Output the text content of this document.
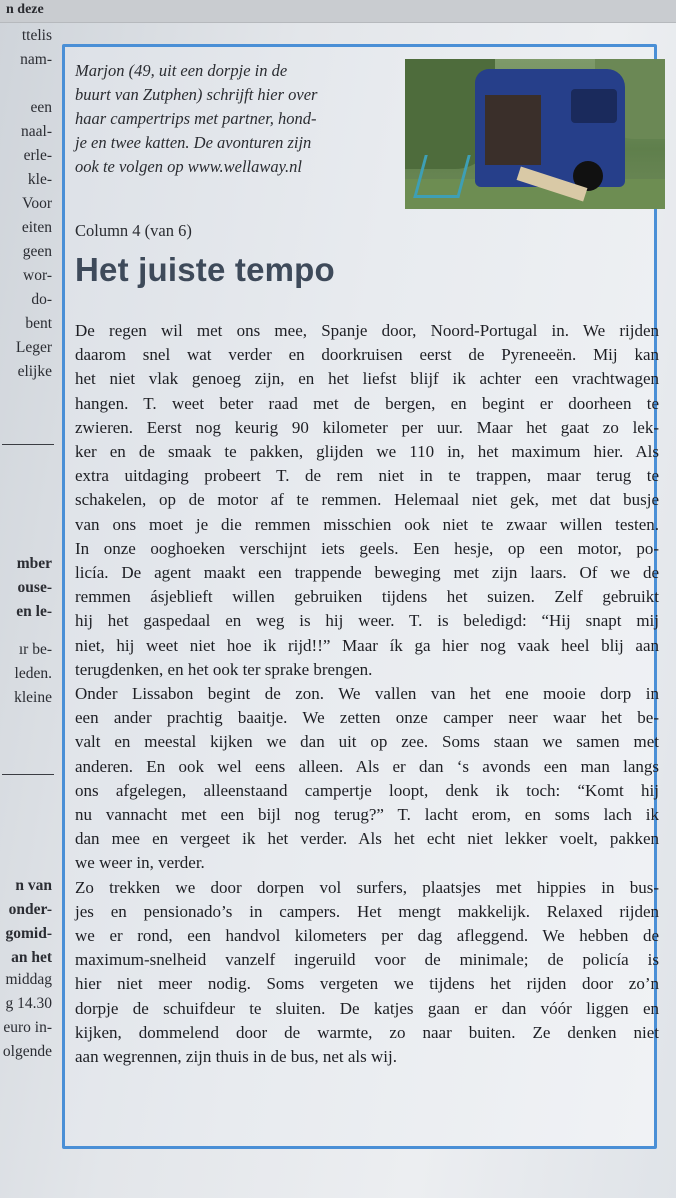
n deze
ttelis
nam-
een
naal-
erle-
kle-
Voor
eiten
geen
wor-
do-
bent
Leger
elijke
mber
ouse-
en le-
ır be-
leden.
kleine
n van
onder-
gomid-
an het
middag
g 14.30
euro in-
olgende
Marjon (49, uit een dorpje in de
buurt van Zutphen) schrijft hier over
haar campertrips met partner, hond-
je en twee katten. De avonturen zijn
ook te volgen op www.wellaway.nl
Column 4 (van 6)
Het juiste tempo
De regen wil met ons mee, Spanje door, Noord-Portugal in. We rijden
daarom snel wat verder en doorkruisen eerst de Pyreneeën. Mij kan
het niet vlak genoeg zijn, en het liefst blijf ik achter een vrachtwagen
hangen. T. weet beter raad met de bergen, en begint er doorheen te
zwieren. Eerst nog keurig 90 kilometer per uur. Maar het gaat zo lek-
ker en de smaak te pakken, glijden we 110 in, het maximum hier. Als
extra uitdaging probeert T. de rem niet in te trappen, maar terug te
schakelen, op de motor af te remmen. Helemaal niet gek, met dat busje
van ons moet je die remmen misschien ook niet te zwaar willen testen.
In onze ooghoeken verschijnt iets geels. Een hesje, op een motor, po-
licía. De agent maakt een trappende beweging met zijn laars. Of we de
remmen ásjeblieft willen gebruiken tijdens het suizen. Zelf gebruikt
hij het gaspedaal en weg is hij weer. T. is beledigd: “Hij snapt mij
niet, hij weet niet hoe ik rijd!!” Maar ík ga hier nog vaak heel blij aan
terugdenken, en het ook ter sprake brengen.
Onder Lissabon begint de zon. We vallen van het ene mooie dorp in
een ander prachtig baaitje. We zetten onze camper neer waar het be-
valt en meestal kijken we dan uit op zee. Soms staan we samen met
anderen. En ook wel eens alleen. Als er dan ‘s avonds een man langs
ons afgelegen, alleenstaand campertje loopt, denk ik toch: “Komt hij
nu vannacht met een bijl nog terug?” T. lacht erom, en soms lach ik
dan mee en vergeet ik het verder. Als het echt niet lekker voelt, pakken
we weer in, verder.
Zo trekken we door dorpen vol surfers, plaatsjes met hippies in bus-
jes en pensionado’s in campers. Het mengt makkelijk. Relaxed rijden
we er rond, een handvol kilometers per dag afleggend. We hebben de
maximum-snelheid vanzelf ingeruild voor de minimale; de policía is
hier niet meer nodig. Soms vergeten we tijdens het rijden door zo’n
dorpje de schuifdeur te sluiten. De katjes gaan er dan vóór liggen en
kijken, dommelend door de warmte, zo naar buiten. Ze denken niet
aan wegrennen, zijn thuis in de bus, net als wij.
